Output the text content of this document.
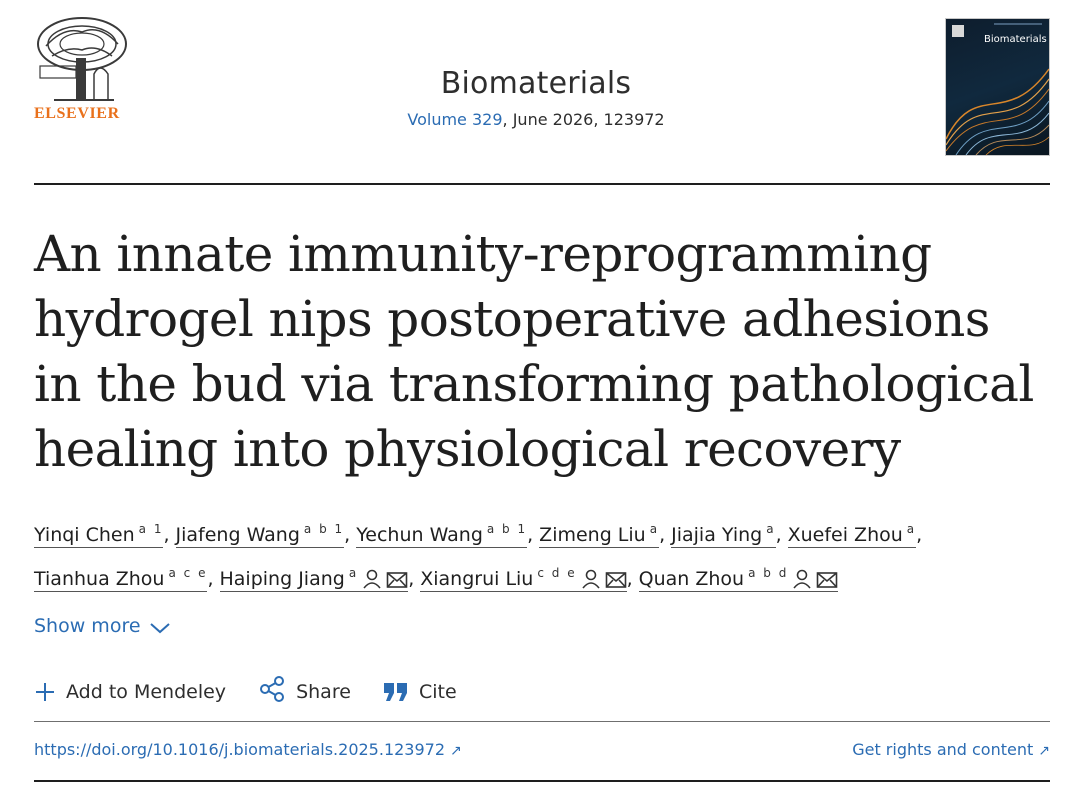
ELSEVIER
Biomaterials
Volume 329, June 2026, 123972
Biomaterials
An innate immunity-reprogramming hydrogel nips postoperative adhesions in the bud via transforming pathological healing into physiological recovery
Yinqi Chen $^{a 1}$, Jiafeng Wang $^{a b 1}$, Yechun Wang $^{a b 1}$, Zimeng Liu $^a$, Jiajia Ying $^a$, Xuefei Zhou $^a$,
Tianhua Zhou $^{a c e}$, Haiping Jiang $^a$	, Xiangrui Liu $^{c d e}$	, Quan Zhou $^{a b d}$
Show more
Add to Mendeley	Share	Cite
https://doi.org/10.1016/j.biomaterials.2025.123972 ↗	Get rights and content ↗
